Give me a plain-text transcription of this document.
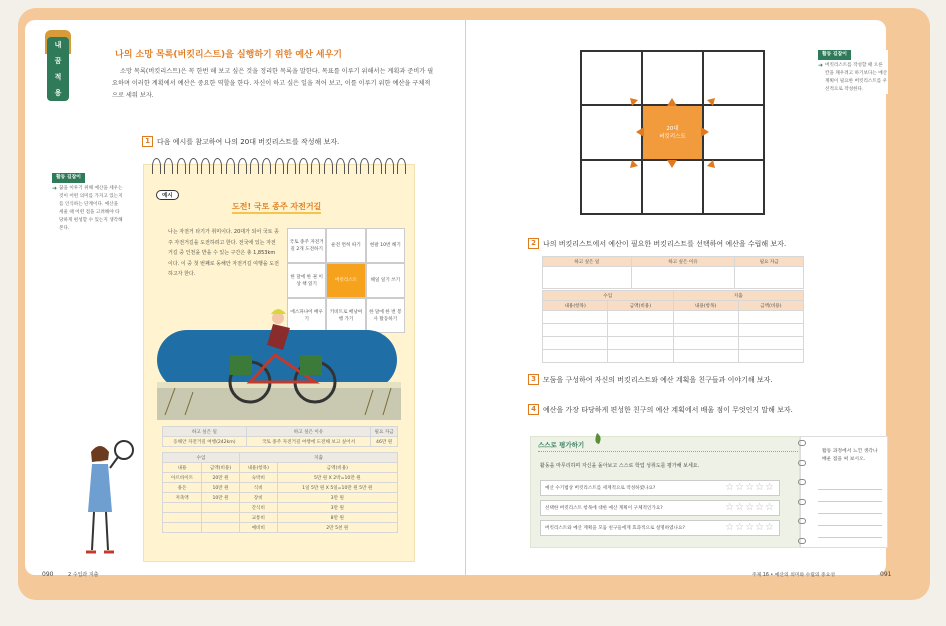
내
꿈
적
용
나의 소망 목록(버킷리스트)을 실행하기 위한 예산 세우기
소망 목록(버킷리스트)은 꼭 한번 해 보고 싶은 것을 정리한 목록을 말한다. 목표를 이루기 위해서는 계획과 준비가 필요하며 이러한 계획에서 예산은 중요한 역할을 한다. 자신이 하고 싶은 일을 적어 보고, 이를 이루기 위한 예산을 구체적으로 세워 보자.
1	다음 예시를 참고하여 나의 20대 버킷리스트를 작성해 보자.
활동 길잡이
➜ 꿈을 이루기 위해 예산을 세우는 것이 어떤 의미를 가지고 있는지를 인식하는 단계이다. 예산을 세울 때 어떤 점을 고려해야 타당하게 편성할 수 있는지 생각해 본다.
예시
도전! 국토 종주 자전거길
나는 자전거 타기가 취미이다. 20대가 되어 국토 종주 자전거길을 도전하려고 한다. 전국에 있는 자전거길 중 인천을 반을 수 있는 구간은 총 1,853km이다. 이 중 첫 번째로 동해안 자전거길 여행을 도전하고자 한다.
국토 종주 자전거길 2개 도전하기
운전 면허 따기	현팔 10번 해기
한 달에 한 권 이상 책 읽기
버킷리스트	해일 일기 쓰기
에스파냐어 배우기
키비트로 배낭여행 가기
한 달에 한 번 봉사 활동하기
하고 싶은 일	하고 싶은 이유	필요 자금
동해안 자전거길 여행(242km)	국토 종주 자전거길 여행에 도전해 보고 싶어서	46만 원
수입		지출	
내용	금액(비용)	내용(항목)	금액(비용)
아르바이트	20만 원	숙박비	5만 원 X 2박=10만 원
용돈	10만 원	식비	1일 5만 원 X 5일=10만 원 5만 원
저축액	10만 원	장비	3만 원
		간식비	3만 원
		교통비	8만 원
		예비비	2만 5천 원
090	2 수입과 지출
20대
버킷리스트
활동 길잡이
➜ 버킷리스트를 작성할 때 오른 칸을 채우려고 하기보다는 예산 계획이 필요한 버킷리스트를 우선적으로 작성한다.
2	나의 버킷리스트에서 예산이 필요한 버킷리스트를 선택하여 예산을 수립해 보자.
하고 싶은 일	하고 싶은 이유	필요 자금

수입		지출	
내용(항목)	금액(비용)	내용(항목)	금액(비용)

3	모둠을 구성하여 자신의 버킷리스트와 예산 계획을 친구들과 이야기해 보자.
4	예산을 가장 타당하게 편성한 친구의 예산 계획에서 배울 점이 무엇인지 말해 보자.
활동 과정에서 느낀 생각나 배운 점을 써 보시오.
스스로 평가하기
활동을 마무리하며 자신을 돌아보고 스스로 학업 성취도를 평가해 보세요.
예산 수기법상 버킷리스트를 세계적으로 작성하였나요?	☆☆☆☆☆
선택한 버킷리스트 항목에 대한 예산 계획이 구체적인가요?	☆☆☆☆☆
버킷리스트와 예산 계획을 모둠 친구들에게 효과적으로 설명하였나요?	☆☆☆☆☆
주제 16 • 예산의 의미와 수립의 중요성	091
